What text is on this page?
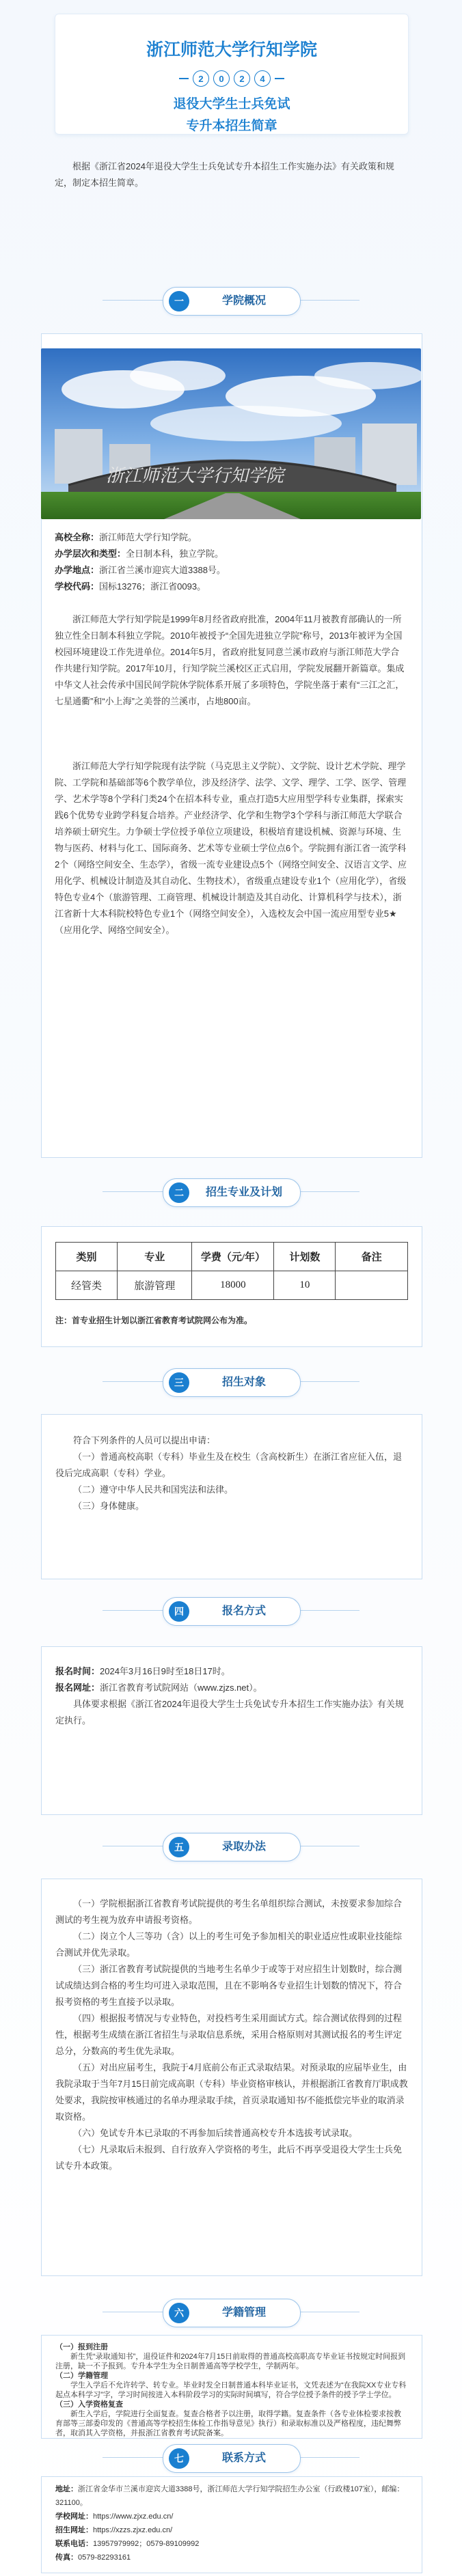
浙江师范大学行知学院
2	0	2	4
退役大学生士兵免试
专升本招生简章
根据《浙江省2024年退役大学生士兵免试专升本招生工作实施办法》有关政策和规定，制定本招生简章。
一	学院概况
浙江师范大学行知学院

高校全称：浙江师范大学行知学院。

办学层次和类型：全日制本科，独立学院。

办学地点：浙江省兰溪市迎宾大道3388号。

学校代码：国标13276；浙江省0093。

浙江师范大学行知学院是1999年8月经省政府批准，2004年11月被教育部确认的一所独立性全日制本科独立学院。2010年被授予“全国先进独立学院”称号，2013年被评为全国校园环境建设工作先进单位。2014年5月，省政府批复同意兰溪市政府与浙江师范大学合作共建行知学院。2017年10月，行知学院兰溪校区正式启用，学院发展翻开新篇章。集成中华文人社会传承中国民间学院休学院体系开展了多项特色，学院坐落于素有“三江之汇，七星通衢”和“小上海”之美誉的兰溪市，占地800亩。
浙江师范大学行知学院现有法学院（马克思主义学院）、文学院、设计艺术学院、理学院、工学院和基础部等6个教学单位，涉及经济学、法学、文学、理学、工学、医学、管理学、艺术学等8个学科门类24个在招本科专业，重点打造5大应用型学科专业集群，探索实践6个优势专业跨学科复合培养。产业经济学、化学和生物学3个学科与浙江师范大学联合培养硕士研究生。力争硕士学位授予单位立项建设，积极培育建设机械、资源与环境、生物与医药、材料与化工、国际商务、艺术等专业硕士学位点6个。学院拥有浙江省一流学科2个（网络空间安全、生态学），省级一流专业建设点5个（网络空间安全、汉语言文学、应用化学、机械设计制造及其自动化、生物技术），省级重点建设专业1个（应用化学），省级特色专业4个（旅游管理、工商管理、机械设计制造及其自动化、计算机科学与技术），浙江省新十大本科院校特色专业1个（网络空间安全），入选校友会中国一流应用型专业5★（应用化学、网络空间安全）。
二	招生专业及计划
类别	专业	学费（元/年）	计划数	备注
经管类	旅游管理	18000	10	
注：首专业招生计划以浙江省教育考试院网公布为准。
三	招生对象

符合下列条件的人员可以提出申请：

（一）普通高校高职（专科）毕业生及在校生（含高校新生）在浙江省应征入伍，退役后完成高职（专科）学业。

（二）遵守中华人民共和国宪法和法律。

（三）身体健康。

四	报名方式

报名时间：2024年3月16日9时至18日17时。

报名网址：浙江省教育考试院网站（www.zjzs.net）。

具体要求根据《浙江省2024年退役大学生士兵免试专升本招生工作实施办法》有关规定执行。

五	录取办法

（一）学院根据浙江省教育考试院提供的考生名单组织综合测试，未按要求参加综合测试的考生视为放弃申请报考资格。

（二）岗立个人三等功（含）以上的考生可免予参加相关的职业适应性或职业技能综合测试并优先录取。

（三）浙江省教育考试院提供的当地考生名单少于或等于对应招生计划数时，综合测试成绩达到合格的考生均可进入录取范围，且在不影响各专业招生计划数的情况下，符合报考资格的考生直接予以录取。

（四）根据报考情况与专业特色，对投档考生采用面试方式。综合测试依得到的过程性，根据考生成绩在浙江省招生与录取信息系统，采用合格原则对其测试报名的考生评定总分，分数高的考生优先录取。

（五）对出应届考生，我院于4月底前公布正式录取结果。对预录取的应届毕业生，由我院录取于当年7月15日前完成高职（专科）毕业资格审核认，并根据浙江省教育厅职成教处要求，我院按审核通过的名单办理录取手续，首页录取通知书/不能抵偿完毕业的取消录取资格。

（六）免试专升本已录取的不再参加后续普通高校专升本选拔考试录取。

（七）凡录取后未报到、自行放弃入学资格的考生，此后不再享受退役大学生士兵免试专升本政策。

六	学籍管理

（一）报到注册

新生凭“录取通知书”，退役证件和2024年7月15日前取得的普通高校高职高专毕业证书按规定时间报到注册，缺一不予报到。专升本学生为全日制普通高等学校学生，学制两年。

（二）学籍管理

学生入学后不允许转学、转专业。毕业时发全日制普通本科毕业证书，文凭表述为“在我院XX专业专科起点本科学习”字，学习时间按进入本科阶段学习的实际时间填写，符合学位授予条件的授予学士学位。

（三）入学资格复查

新生入学后，学院进行全面复查。复查合格者予以注册，取得学籍。复查条件（各专业体检要求按教育部等三部委印发的《普通高等学校招生体检工作指导意见》执行）和录取标准以及严格程度，违纪舞弊者，取消其入学资格，并报浙江省教育考试院备案。

七	联系方式

地址：浙江省金华市兰溪市迎宾大道3388号，浙江师范大学行知学院招生办公室（行政楼107室），邮编：321100。

学校网址：https://www.zjxz.edu.cn/

招生网址：https://xzzs.zjxz.edu.cn/

联系电话：13957979992；0579-89109992

传真：0579-82293161
